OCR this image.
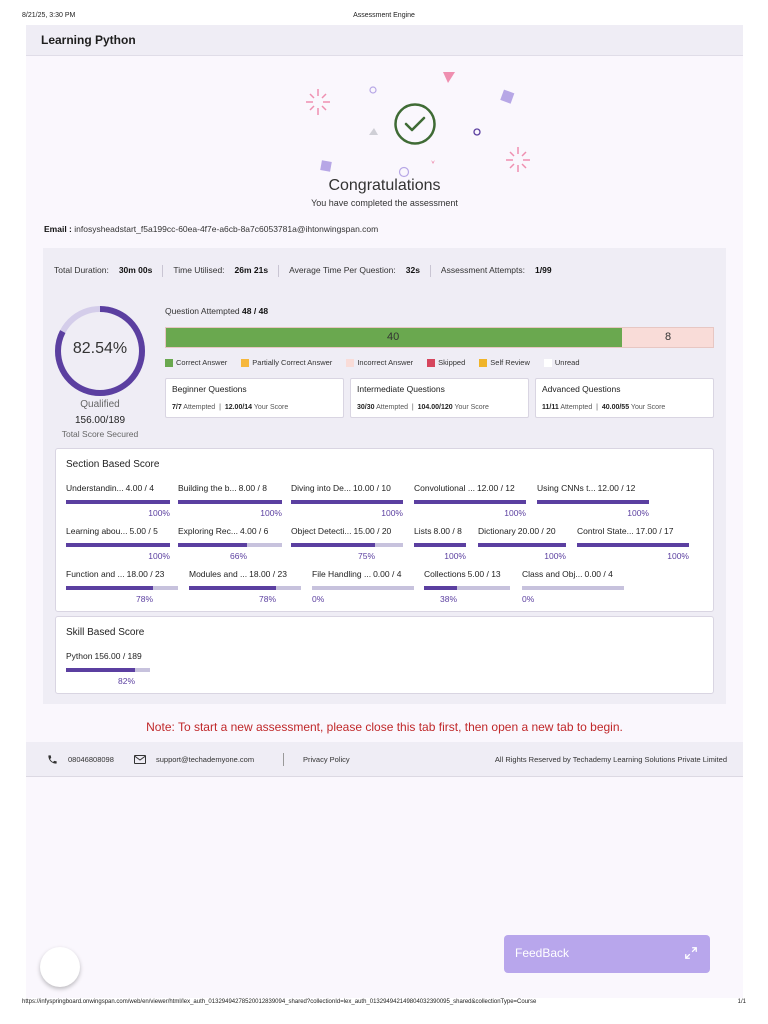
8/21/25, 3:30 PM	Assessment Engine
Learning Python
Congratulations

You have completed the assessment

Email : infosysheadstart_f5a199cc-60ea-4f7e-a6cb-8a7c6053781a@ihtonwingspan.com
Total Duration: 30m 00s Time Utilised: 26m 21s Average Time Per Question: 32s Assessment Attempts: 1/99
82.54%
Qualified
156.00/189
Total Score Secured
Question Attempted 48 / 48
40	8
Correct Answer	Partially Correct Answer	Incorrect Answer	Skipped	Self Review	Unread
Beginner Questions
7/7 Attempted  |  12.00/14 Your Score
Intermediate Questions
30/30 Attempted  |  104.00/120 Your Score
Advanced Questions
11/11 Attempted  |  40.00/55 Your Score
Section Based Score
Understandin... 4.00 / 4
100%
Building the b... 8.00 / 8
100%
Diving into De... 10.00 / 10
100%
Convolutional ... 12.00 / 12
100%
Using CNNs t... 12.00 / 12
100%
Learning abou... 5.00 / 5
100%
Exploring Rec... 4.00 / 6
66%
Object Detecti... 15.00 / 20
75%
Lists 8.00 / 8
100%
Dictionary 20.00 / 20
100%
Control State... 17.00 / 17
100%
Function and ... 18.00 / 23
78%
Modules and ... 18.00 / 23
78%
File Handling ... 0.00 / 4
0%
Collections 5.00 / 13
38%
Class and Obj... 0.00 / 4
0%
Skill Based Score
Python 156.00 / 189
82%
Note: To start a new assessment, please close this tab first, then open a new tab to begin.
08046808098	support@techademyone.com	Privacy Policy	All Rights Reserved by Techademy Learning Solutions Private Limited
FeedBack
https://infyspringboard.onwingspan.com/web/en/viewer/html/lex_auth_01329494278520012839094_shared?collectionId=lex_auth_013294942149804032390095_shared&collectionType=Course	1/1
